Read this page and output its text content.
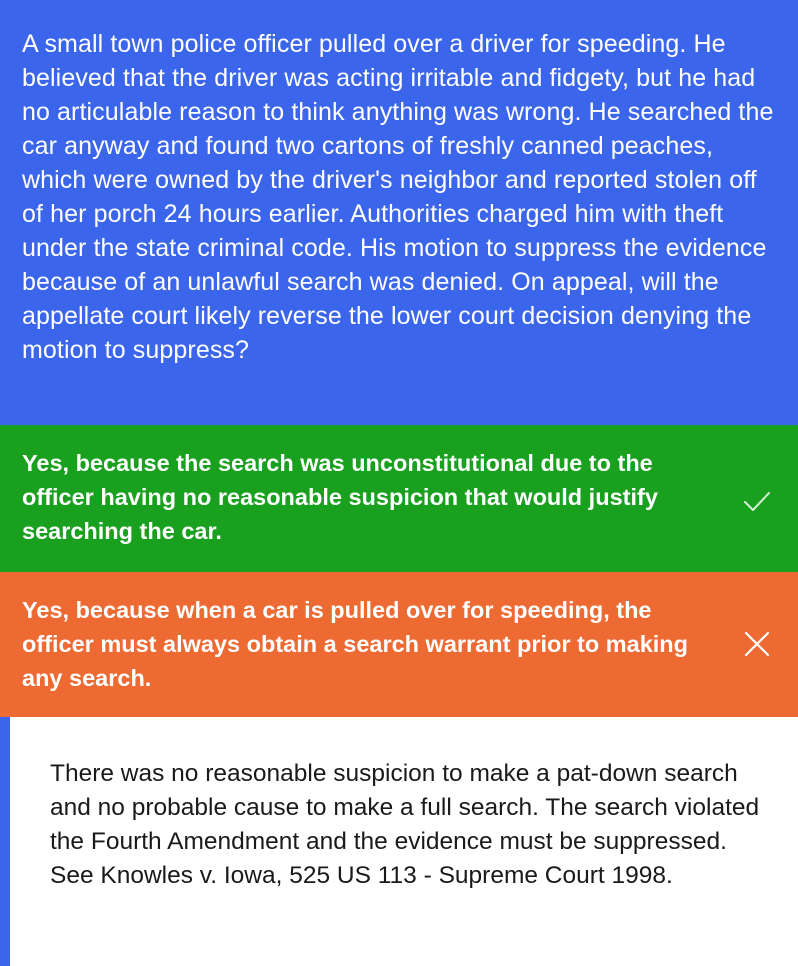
A small town police officer pulled over a driver for speeding. He believed that the driver was acting irritable and fidgety, but he had no articulable reason to think anything was wrong. He searched the car anyway and found two cartons of freshly canned peaches, which were owned by the driver's neighbor and reported stolen off of her porch 24 hours earlier. Authorities charged him with theft under the state criminal code. His motion to suppress the evidence because of an unlawful search was denied. On appeal, will the appellate court likely reverse the lower court decision denying the motion to suppress?

Yes, because the search was unconstitutional due to the officer having no reasonable suspicion that would justify searching the car.

Yes, because when a car is pulled over for speeding, the officer must always obtain a search warrant prior to making any search.

There was no reasonable suspicion to make a pat-down search and no probable cause to make a full search. The search violated the Fourth Amendment and the evidence must be suppressed. See Knowles v. Iowa, 525 US 113 - Supreme Court 1998.
